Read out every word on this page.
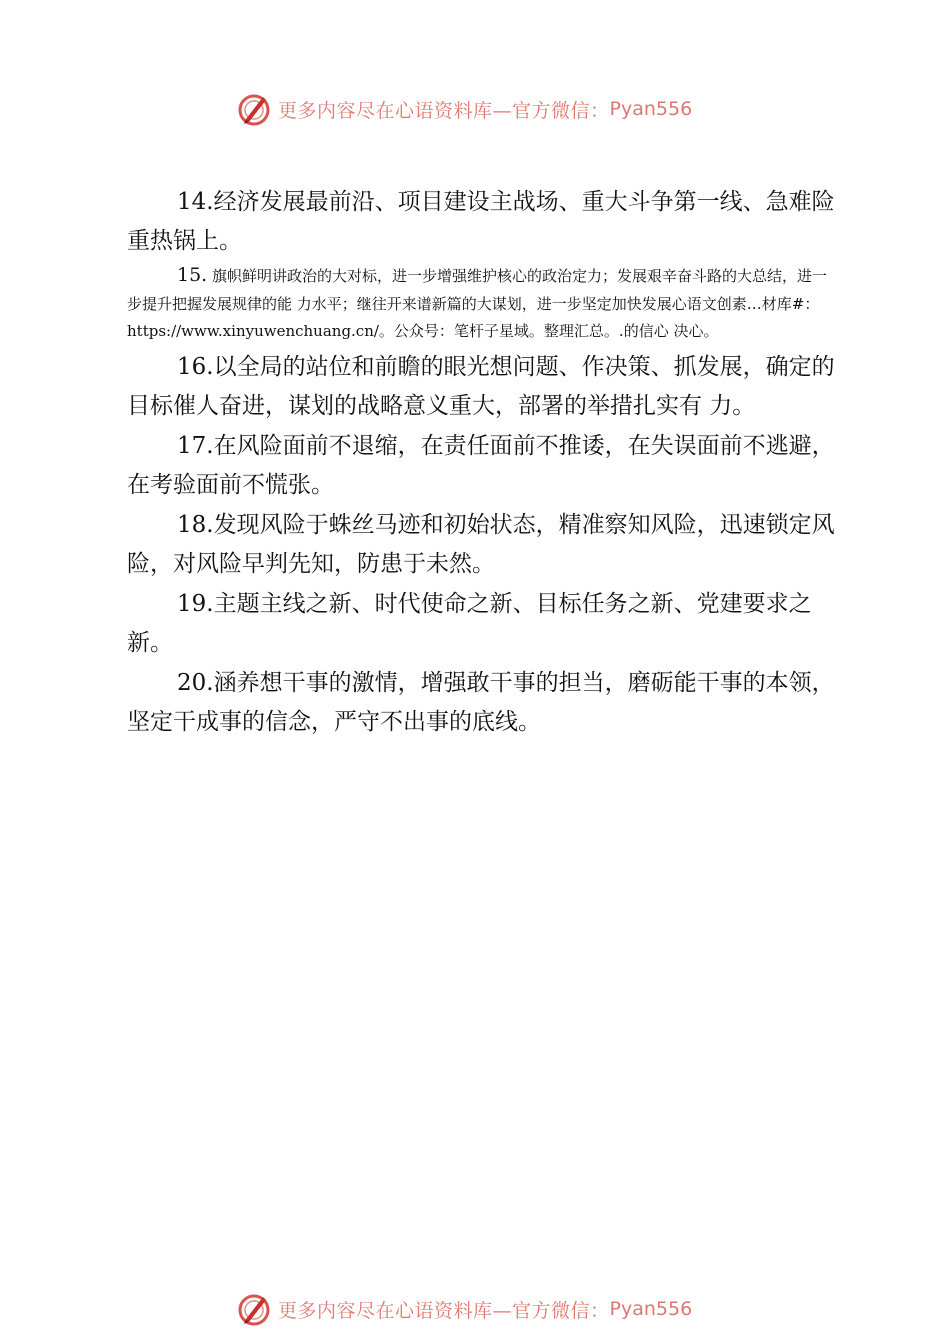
更多内容尽在心语资料库—官方微信： Pyan556

14.经济发展最前沿、项目建设主战场、重大斗争第一线、急难险重热锅上。

15. 旗帜鲜明讲政治的大对标，进一步增强维护核心的政治定力；发展艰辛奋斗路的大总结，进一步提升把握发展规律的能 力水平；继往开来谱新篇的大谋划，进一步坚定加快发展心语文创素…材库#：https://www.xinyuwenchuang.cn/。公众号：笔杆子星域。整理汇总。.的信心 决心。

16.以全局的站位和前瞻的眼光想问题、作决策、抓发展，确定的目标催人奋进，谋划的战略意义重大，部署的举措扎实有 力。

17.在风险面前不退缩，在责任面前不推诿，在失误面前不逃避，在考验面前不慌张。

18.发现风险于蛛丝马迹和初始状态，精准察知风险，迅速锁定风险，对风险早判先知，防患于未然。

19.主题主线之新、时代使命之新、目标任务之新、党建要求之新。

20.涵养想干事的激情，增强敢干事的担当，磨砺能干事的本领，坚定干成事的信念，严守不出事的底线。

更多内容尽在心语资料库—官方微信： Pyan556
